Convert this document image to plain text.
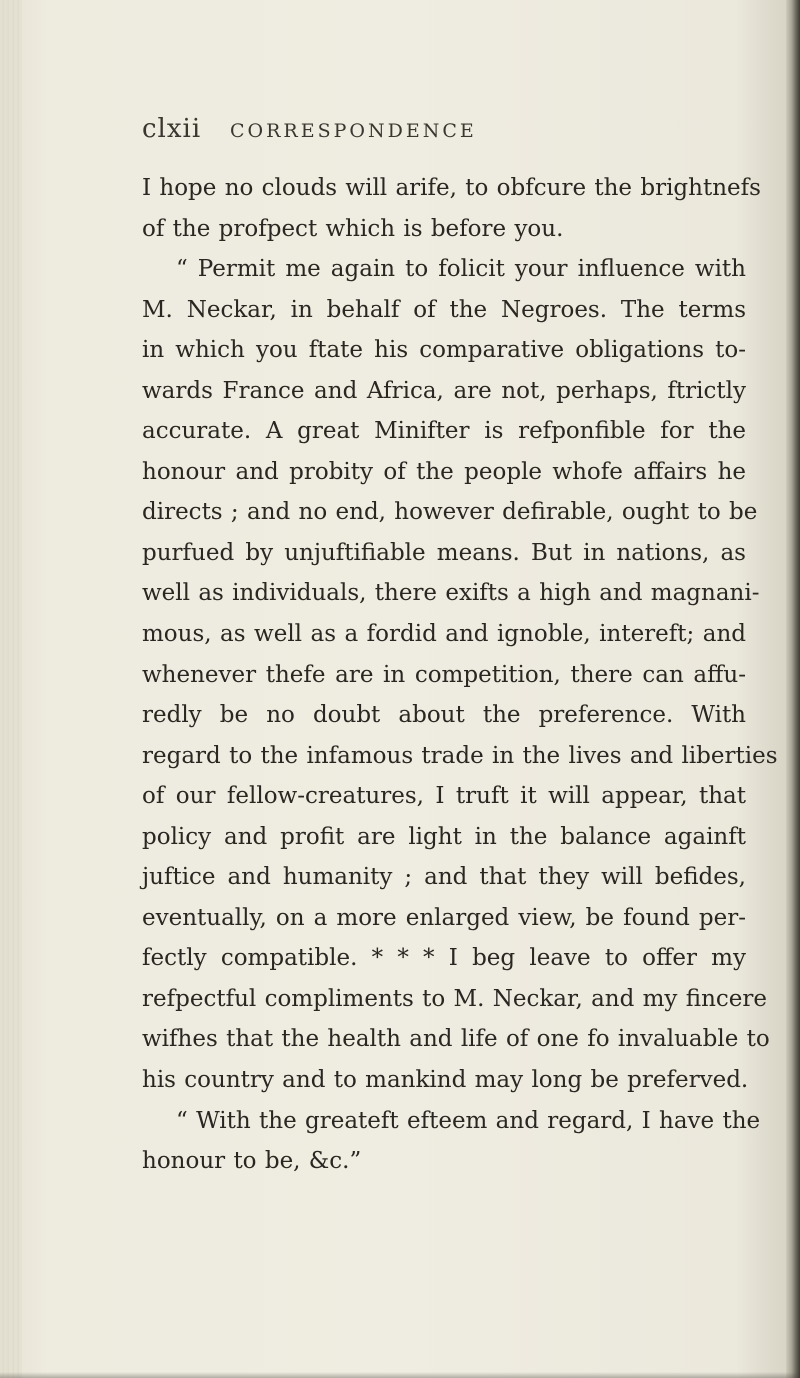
clxii CORRESPONDENCE
I hope no clouds will arife, to obfcure the brightnefs
of the profpect which is before you.
“ Permit me again to folicit your influence with
M. Neckar, in behalf of the Negroes. The terms
in which you ftate his comparative obligations to-
wards France and Africa, are not, perhaps, ftrictly
accurate. A great Minifter is refponfible for the
honour and probity of the people whofe affairs he
directs ; and no end, however defirable, ought to be
purfued by unjuftifiable means. But in nations, as
well as individuals, there exifts a high and magnani-
mous, as well as a fordid and ignoble, intereft; and
whenever thefe are in competition, there can affu-
redly be no doubt about the preference. With
regard to the infamous trade in the lives and liberties
of our fellow-creatures, I truft it will appear, that
policy and profit are light in the balance againft
juftice and humanity ; and that they will befides,
eventually, on a more enlarged view, be found per-
fectly compatible. * * * I beg leave to offer my
refpectful compliments to M. Neckar, and my fincere
wifhes that the health and life of one fo invaluable to
his country and to mankind may long be preferved.
“ With the greateft efteem and regard, I have the
honour to be, &c.”
